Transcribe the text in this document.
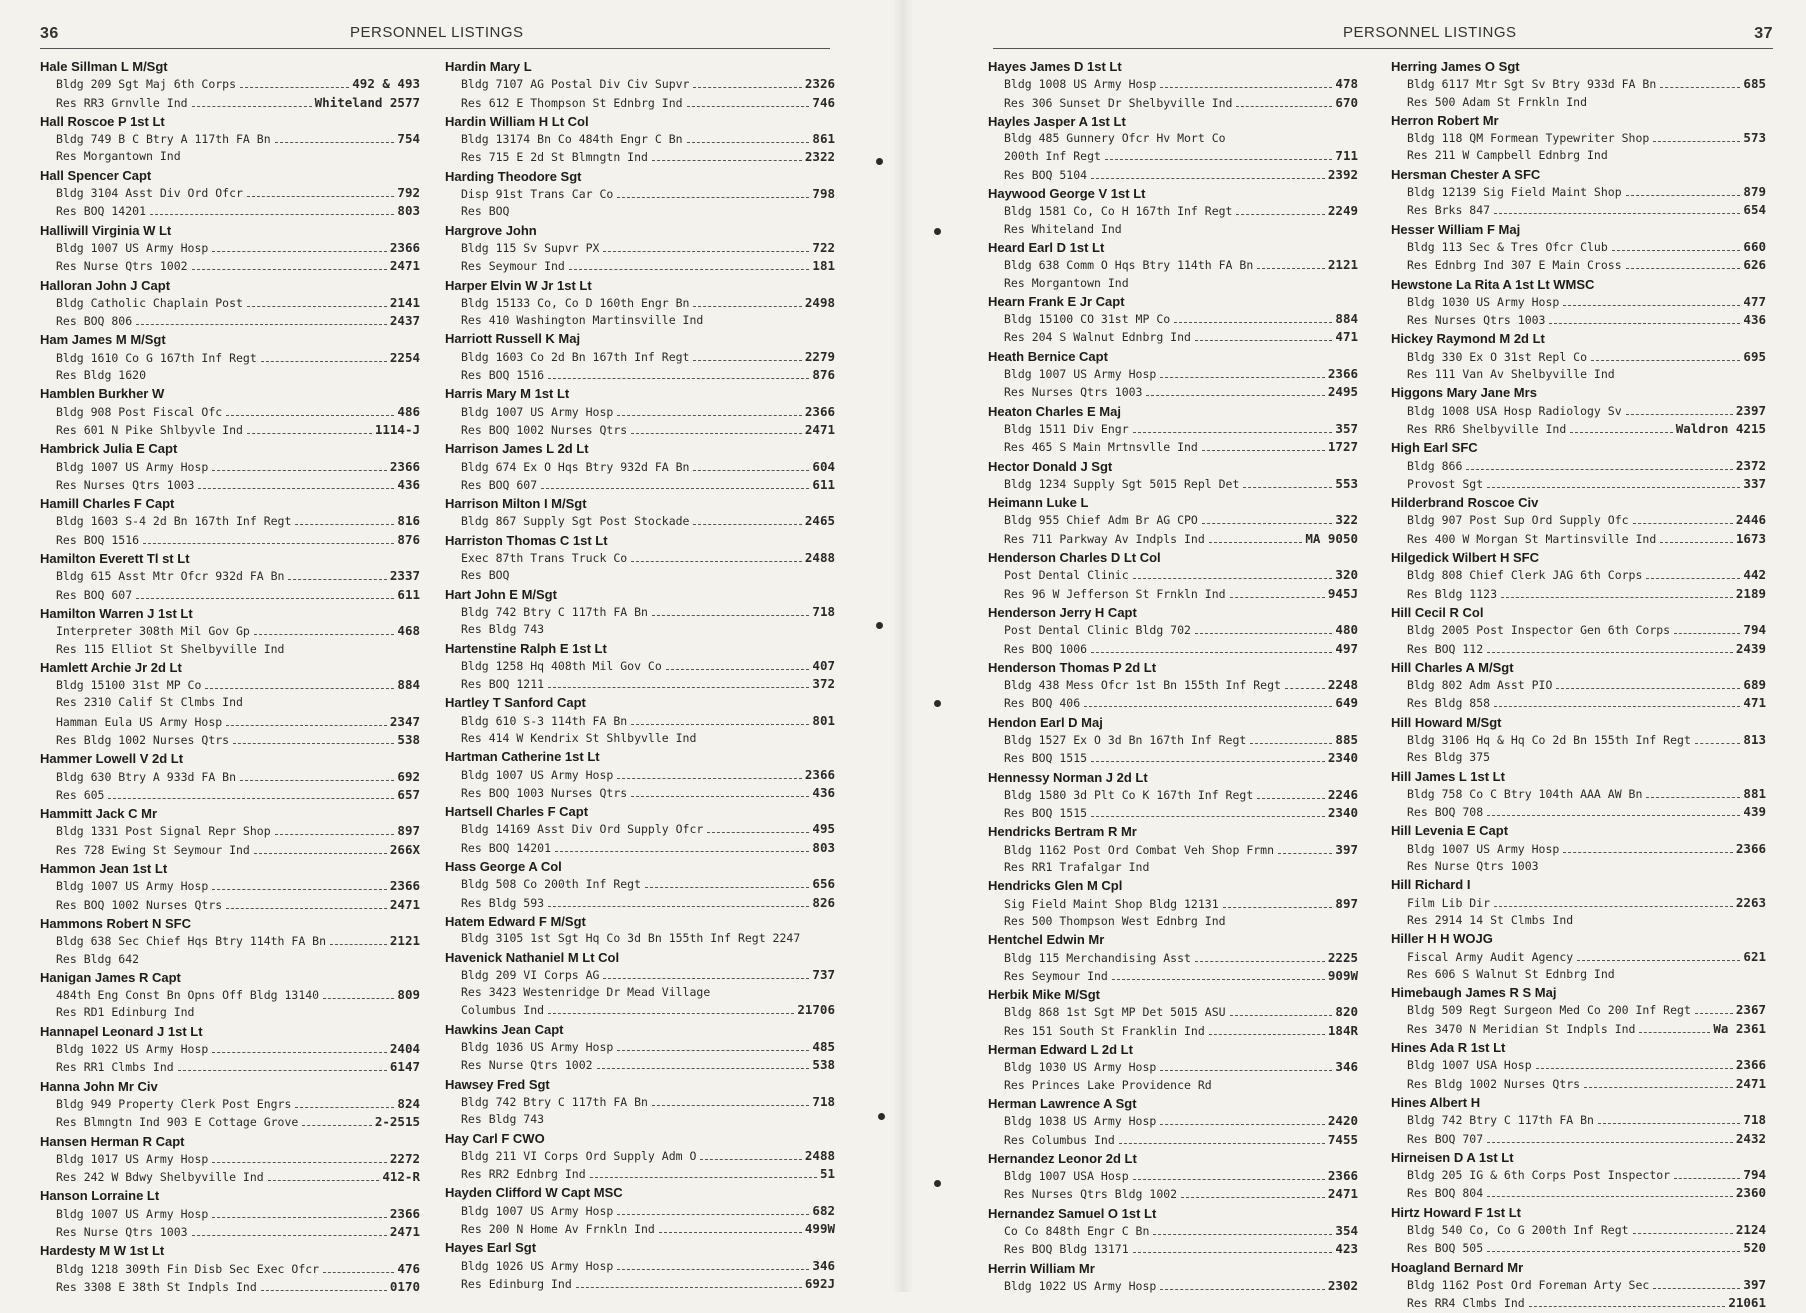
36	PERSONNEL LISTINGS
Hale Sillman L M/Sgt
Bldg 209 Sgt Maj 6th Corps	492 & 493
Res RR3 Grnvlle Ind	Whiteland 2577
Hall Roscoe P 1st Lt
Bldg 749 B C Btry A 117th FA Bn	754
Res Morgantown Ind
Hall Spencer Capt
Bldg 3104 Asst Div Ord Ofcr	792
Res BOQ 14201	803
Halliwill Virginia W Lt
Bldg 1007 US Army Hosp	2366
Res Nurse Qtrs 1002	2471
Halloran John J Capt
Bldg Catholic Chaplain Post	2141
Res BOQ 806	2437
Ham James M M/Sgt
Bldg 1610 Co G 167th Inf Regt	2254
Res Bldg 1620
Hamblen Burkher W
Bldg 908 Post Fiscal Ofc	486
Res 601 N Pike Shlbyvle Ind	1114-J
Hambrick Julia E Capt
Bldg 1007 US Army Hosp	2366
Res Nurses Qtrs 1003	436
Hamill Charles F Capt
Bldg 1603 S-4 2d Bn 167th Inf Regt	816
Res BOQ 1516	876
Hamilton Everett Tl st Lt
Bldg 615 Asst Mtr Ofcr 932d FA Bn	2337
Res BOQ 607	611
Hamilton Warren J 1st Lt
Interpreter 308th Mil Gov Gp	468
Res 115 Elliot St Shelbyville Ind
Hamlett Archie Jr 2d Lt
Bldg 15100 31st MP Co	884
Res 2310 Calif St Clmbs Ind
Hamman Eula US Army Hosp	2347
Res Bldg 1002 Nurses Qtrs	538
Hammer Lowell V 2d Lt
Bldg 630 Btry A 933d FA Bn	692
Res 605	657
Hammitt Jack C Mr
Bldg 1331 Post Signal Repr Shop	897
Res 728 Ewing St Seymour Ind	266X
Hammon Jean 1st Lt
Bldg 1007 US Army Hosp	2366
Res BOQ 1002 Nurses Qtrs	2471
Hammons Robert N SFC
Bldg 638 Sec Chief Hqs Btry 114th FA Bn	2121
Res Bldg 642
Hanigan James R Capt
484th Eng Const Bn Opns Off Bldg 13140	809
Res RD1 Edinburg Ind
Hannapel Leonard J 1st Lt
Bldg 1022 US Army Hosp	2404
Res RR1 Clmbs Ind	6147
Hanna John Mr Civ
Bldg 949 Property Clerk Post Engrs	824
Res Blmngtn Ind 903 E Cottage Grove	2-2515
Hansen Herman R Capt
Bldg 1017 US Army Hosp	2272
Res 242 W Bdwy Shelbyville Ind	412-R
Hanson Lorraine Lt
Bldg 1007 US Army Hosp	2366
Res Nurse Qtrs 1003	2471
Hardesty M W 1st Lt
Bldg 1218 309th Fin Disb Sec Exec Ofcr	476
Res 3308 E 38th St Indpls Ind	0170
Hardin Mary L
Bldg 7107 AG Postal Div Civ Supvr	2326
Res 612 E Thompson St Ednbrg Ind	746
Hardin William H Lt Col
Bldg 13174 Bn Co 484th Engr C Bn	861
Res 715 E 2d St Blmngtn Ind	2322
Harding Theodore Sgt
Disp 91st Trans Car Co	798
Res BOQ
Hargrove John
Bldg 115 Sv Supvr PX	722
Res Seymour Ind	181
Harper Elvin W Jr 1st Lt
Bldg 15133 Co, Co D 160th Engr Bn	2498
Res 410 Washington Martinsville Ind
Harriott Russell K Maj
Bldg 1603 Co 2d Bn 167th Inf Regt	2279
Res BOQ 1516	876
Harris Mary M 1st Lt
Bldg 1007 US Army Hosp	2366
Res BOQ 1002 Nurses Qtrs	2471
Harrison James L 2d Lt
Bldg 674 Ex O Hqs Btry 932d FA Bn	604
Res BOQ 607	611
Harrison Milton I M/Sgt
Bldg 867 Supply Sgt Post Stockade	2465
Harriston Thomas C 1st Lt
Exec 87th Trans Truck Co	2488
Res BOQ
Hart John E M/Sgt
Bldg 742 Btry C 117th FA Bn	718
Res Bldg 743
Hartenstine Ralph E 1st Lt
Bldg 1258 Hq 408th Mil Gov Co	407
Res BOQ 1211	372
Hartley T Sanford Capt
Bldg 610 S-3 114th FA Bn	801
Res 414 W Kendrix St Shlbyvlle Ind
Hartman Catherine 1st Lt
Bldg 1007 US Army Hosp	2366
Res BOQ 1003 Nurses Qtrs	436
Hartsell Charles F Capt
Bldg 14169 Asst Div Ord Supply Ofcr	495
Res BOQ 14201	803
Hass George A Col
Bldg 508 Co 200th Inf Regt	656
Res Bldg 593	826
Hatem Edward F M/Sgt
Bldg 3105 1st Sgt Hq Co 3d Bn 155th Inf Regt 2247
Havenick Nathaniel M Lt Col
Bldg 209 VI Corps AG	737
Res 3423 Westenridge Dr Mead Village
Columbus Ind	21706
Hawkins Jean Capt
Bldg 1036 US Army Hosp	485
Res Nurse Qtrs 1002	538
Hawsey Fred Sgt
Bldg 742 Btry C 117th FA Bn	718
Res Bldg 743
Hay Carl F CWO
Bldg 211 VI Corps Ord Supply Adm O	2488
Res RR2 Ednbrg Ind	51
Hayden Clifford W Capt MSC
Bldg 1007 US Army Hosp	682
Res 200 N Home Av Frnkln Ind	499W
Hayes Earl Sgt
Bldg 1026 US Army Hosp	346
Res Edinburg Ind	692J
PERSONNEL LISTINGS	37
Hayes James D 1st Lt
Bldg 1008 US Army Hosp	478
Res 306 Sunset Dr Shelbyville Ind	670
Hayles Jasper A 1st Lt
Bldg 485 Gunnery Ofcr Hv Mort Co
200th Inf Regt	711
Res BOQ 5104	2392
Haywood George V 1st Lt
Bldg 1581 Co, Co H 167th Inf Regt	2249
Res Whiteland Ind
Heard Earl D 1st Lt
Bldg 638 Comm O Hqs Btry 114th FA Bn	2121
Res Morgantown Ind
Hearn Frank E Jr Capt
Bldg 15100 CO 31st MP Co	884
Res 204 S Walnut Ednbrg Ind	471
Heath Bernice Capt
Bldg 1007 US Army Hosp	2366
Res Nurses Qtrs 1003	2495
Heaton Charles E Maj
Bldg 1511 Div Engr	357
Res 465 S Main Mrtnsvlle Ind	1727
Hector Donald J Sgt
Bldg 1234 Supply Sgt 5015 Repl Det	553
Heimann Luke L
Bldg 955 Chief Adm Br AG CPO	322
Res 711 Parkway Av Indpls Ind	MA 9050
Henderson Charles D Lt Col
Post Dental Clinic	320
Res 96 W Jefferson St Frnkln Ind	945J
Henderson Jerry H Capt
Post Dental Clinic Bldg 702	480
Res BOQ 1006	497
Henderson Thomas P 2d Lt
Bldg 438 Mess Ofcr 1st Bn 155th Inf Regt	2248
Res BOQ 406	649
Hendon Earl D Maj
Bldg 1527 Ex O 3d Bn 167th Inf Regt	885
Res BOQ 1515	2340
Hennessy Norman J 2d Lt
Bldg 1580 3d Plt Co K 167th Inf Regt	2246
Res BOQ 1515	2340
Hendricks Bertram R Mr
Bldg 1162 Post Ord Combat Veh Shop Frmn	397
Res RR1 Trafalgar Ind
Hendricks Glen M Cpl
Sig Field Maint Shop Bldg 12131	897
Res 500 Thompson West Ednbrg Ind
Hentchel Edwin Mr
Bldg 115 Merchandising Asst	2225
Res Seymour Ind	909W
Herbik Mike M/Sgt
Bldg 868 1st Sgt MP Det 5015 ASU	820
Res 151 South St Franklin Ind	184R
Herman Edward L 2d Lt
Bldg 1030 US Army Hosp	346
Res Princes Lake Providence Rd
Herman Lawrence A Sgt
Bldg 1038 US Army Hosp	2420
Res Columbus Ind	7455
Hernandez Leonor 2d Lt
Bldg 1007 USA Hosp	2366
Res Nurses Qtrs Bldg 1002	2471
Hernandez Samuel O 1st Lt
Co Co 848th Engr C Bn	354
Res BOQ Bldg 13171	423
Herrin William Mr
Bldg 1022 US Army Hosp	2302
Herring James O Sgt
Bldg 6117 Mtr Sgt Sv Btry 933d FA Bn	685
Res 500 Adam St Frnkln Ind
Herron Robert Mr
Bldg 118 QM Formean Typewriter Shop	573
Res 211 W Campbell Ednbrg Ind
Hersman Chester A SFC
Bldg 12139 Sig Field Maint Shop	879
Res Brks 847	654
Hesser William F Maj
Bldg 113 Sec & Tres Ofcr Club	660
Res Ednbrg Ind 307 E Main Cross	626
Hewstone La Rita A 1st Lt WMSC
Bldg 1030 US Army Hosp	477
Res Nurses Qtrs 1003	436
Hickey Raymond M 2d Lt
Bldg 330 Ex O 31st Repl Co	695
Res 111 Van Av Shelbyville Ind
Higgons Mary Jane Mrs
Bldg 1008 USA Hosp Radiology Sv	2397
Res RR6 Shelbyville Ind	Waldron 4215
High Earl SFC
Bldg 866	2372
Provost Sgt	337
Hilderbrand Roscoe Civ
Bldg 907 Post Sup Ord Supply Ofc	2446
Res 400 W Morgan St Martinsville Ind	1673
Hilgedick Wilbert H SFC
Bldg 808 Chief Clerk JAG 6th Corps	442
Res Bldg 1123	2189
Hill Cecil R Col
Bldg 2005 Post Inspector Gen 6th Corps	794
Res BOQ 112	2439
Hill Charles A M/Sgt
Bldg 802 Adm Asst PIO	689
Res Bldg 858	471
Hill Howard M/Sgt
Bldg 3106 Hq & Hq Co 2d Bn 155th Inf Regt	813
Res Bldg 375
Hill James L 1st Lt
Bldg 758 Co C Btry 104th AAA AW Bn	881
Res BOQ 708	439
Hill Levenia E Capt
Bldg 1007 US Army Hosp	2366
Res Nurse Qtrs 1003
Hill Richard I
Film Lib Dir	2263
Res 2914 14 St Clmbs Ind
Hiller H H WOJG
Fiscal Army Audit Agency	621
Res 606 S Walnut St Ednbrg Ind
Himebaugh James R S Maj
Bldg 509 Regt Surgeon Med Co 200 Inf Regt	2367
Res 3470 N Meridian St Indpls Ind	Wa 2361
Hines Ada R 1st Lt
Bldg 1007 USA Hosp	2366
Res Bldg 1002 Nurses Qtrs	2471
Hines Albert H
Bldg 742 Btry C 117th FA Bn	718
Res BOQ 707	2432
Hirneisen D A 1st Lt
Bldg 205 IG & 6th Corps Post Inspector	794
Res BOQ 804	2360
Hirtz Howard F 1st Lt
Bldg 540 Co, Co G 200th Inf Regt	2124
Res BOQ 505	520
Hoagland Bernard Mr
Bldg 1162 Post Ord Foreman Arty Sec	397
Res RR4 Clmbs Ind	21061
